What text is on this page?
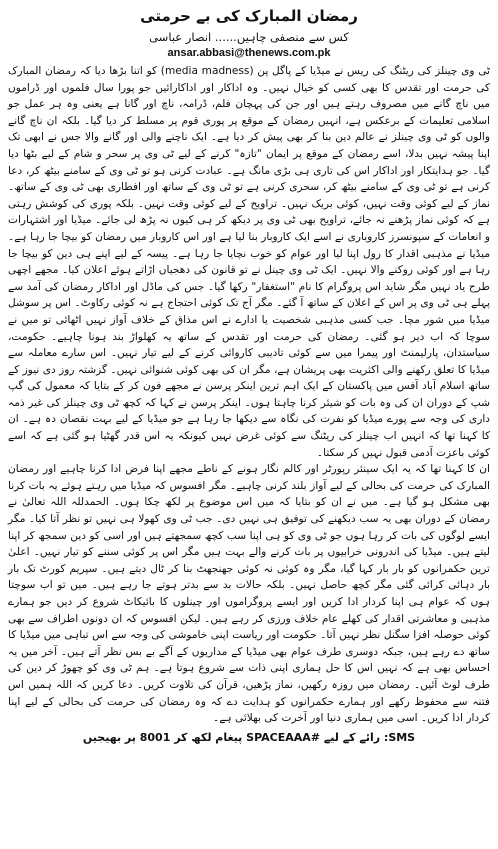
رمضان المبارک کی بے حرمتی
کس سے منصفی چاہیں...... انصار عباسی
ansar.abbasi@thenews.com.pk

ٹی وی چینلز کی ریٹنگ کی ریس نے میڈیا کے پاگل پن (media madness) کو اتنا بڑھا دیا کہ رمضان المبارک کی حرمت اور تقدس کا بھی کسی کو خیال نہیں۔ وہ اداکار اور اداکارائیں جو پورا سال فلموں اور ڈراموں میں ناچ گانے میں مصروف رہتے ہیں اور جن کی پہچان فلم، ڈرامہ، ناچ اور گانا ہے یعنی وہ ہر عمل جو اسلامی تعلیمات کے برعکس ہے، انہیں رمضان کے موقع پر پوری قوم پر مسلط کر دیا گیا۔ بلکہ ان ناچ گانے والوں کو ٹی وی چینلز نے عالم دین بنا کر بھی پیش کر دیا ہے۔ ایک ناچنے والی اور گانے والا جس نے ابھی تک اپنا پیشہ نہیں بدلا، اسے رمضان کے موقع پر ایمان "تازہ" کرنے کے لیے ٹی وی پر سحر و شام کے لیے بٹھا دیا گیا۔ جو ہدایتکار اور اداکار اس کی تاری ہی بڑی مانگ ہے۔ عبادت کرنی ہو تو ٹی وی کے سامنے بیٹھ کر، دعا کرنی ہے تو ٹی وی کے سامنے بیٹھ کر، سحری کرنی ہے تو ٹی وی کے ساتھ اور افطاری بھی ٹی وی کے ساتھ۔ نماز کے لیے کوئی وقت نہیں، کوئی بریک نہیں۔ تراویح کے لیے کوئی وقت نہیں۔ بلکہ پوری کی کوشش رہتی ہے کہ کوئی نماز پڑھنے نہ جائے، تراویح بھی ٹی وی پر دیکھ کر ہی کیوں نہ پڑھ لی جائے۔ میڈیا اور اشتہارات و انعامات کے سپونسرز کاروباری نے اسے ایک کاروبار بنا لیا ہے اور اس کاروبار میں رمضان کو بیچا جا رہا ہے۔ میڈیا نے مذہبی اقدار کا رول اپنا لیا اور عوام کو خوب نچایا جا رہا ہے۔ پیسہ کے لیے اپنے ہی دین کو بیچا جا رہا ہے اور کوئی روکنے والا نہیں۔ ایک ٹی وی چینل نے تو قانون کی دھجیاں اڑاتے ہوئے اعلان کیا۔ مجھے اچھی طرح یاد نہیں مگر شاید اس پروگرام کا نام "استغفار" رکھا گیا۔ جس کی ماڈل اور اداکار رمضان کی آمد سے پہلے ہی ٹی وی پر اس کے اعلان کے ساتھ آ گئے۔ مگر آج تک کوئی احتجاج ہے نہ کوئی رکاوٹ۔ اس پر سوشل میڈیا میں شور مچا۔ جب کسی مذہبی شخصیت یا ادارے نے اس مذاق کے خلاف آواز نہیں اٹھائی تو میں نے سوچا کہ اب دیر ہو گئی۔ رمضان کی حرمت اور تقدس کے ساتھ یہ کھلواڑ بند ہونا چاہیے۔ حکومت، سیاستدان، پارلیمنٹ اور پیمرا میں سے کوئی تادیبی کاروائی کرنے کے لیے تیار نہیں۔ اس سارے معاملہ سے میڈیا کا تعلق رکھنے والی اکثریت بھی پریشان ہے، مگر ان کی بھی کوئی شنوائی نہیں۔ گزشتہ روز دی نیوز کے ساتھ اسلام آباد آفس میں پاکستان کے ایک اہم ترین اینکر پرسن نے مجھے فون کر کے بتایا کہ معمول کی گپ شپ کے دوران ان کی وہ بات کو شیئر کرنا چاہتا ہوں۔ اینکر پرسن نے کہا کہ کچھ ٹی وی چینلز کی غیر ذمہ داری کی وجہ سے پورے میڈیا کو نفرت کی نگاہ سے دیکھا جا رہا ہے جو میڈیا کے لیے بہت نقصان دہ ہے۔ ان کا کہنا تھا کہ انہیں اب چینلز کی ریٹنگ سے کوئی غرض نہیں کیونکہ یہ اس قدر گھٹیا ہو گئی ہے کہ اسے کوئی باعزت آدمی قبول نہیں کر سکتا۔

ان کا کہنا تھا کہ یہ ایک سینئر رپورٹر اور کالم نگار ہونے کے ناطے مجھے اپنا فرض ادا کرنا چاہیے اور رمضان المبارک کی حرمت کی بحالی کے لیے آواز بلند کرنی چاہیے۔ مگر افسوس کہ میڈیا میں رہتے ہوئے یہ بات کرنا بھی مشکل ہو گیا ہے۔ میں نے ان کو بتایا کہ میں اس موضوع پر لکھ چکا ہوں۔ الحمدللہ اللہ تعالیٰ نے رمضان کے دوران بھی یہ سب دیکھنے کی توفیق ہی نہیں دی۔ جب ٹی وی کھولا ہی نہیں تو نظر آتا کیا۔ مگر ایسے لوگوں کی بات کر رہا ہوں جو ٹی وی کو ہی اپنا سب کچھ سمجھتے ہیں اور اسی کو دین سمجھ کر اپنا لیتے ہیں۔ میڈیا کی اندرونی خرابیوں پر بات کرنے والے بہت ہیں مگر اس پر کوئی سننے کو تیار نہیں۔ اعلیٰ ترین حکمرانوں کو بار بار کہا گیا، مگر وہ کوئی نہ کوئی جھنجھٹ بنا کر ٹال دیتے ہیں۔ سپریم کورٹ تک بار بار دہائی کرائی گئی مگر کچھ حاصل نہیں۔ بلکہ حالات بد سے بدتر ہوتے جا رہے ہیں۔ میں تو اب سوچتا ہوں کہ عوام ہی اپنا کردار ادا کریں اور ایسے پروگراموں اور چینلوں کا بائیکاٹ شروع کر دیں جو ہمارے مذہبی و معاشرتی اقدار کی کھلے عام خلاف ورزی کر رہے ہیں۔ لیکن افسوس کہ ان دونوں اطراف سے بھی کوئی حوصلہ افزا سگنل نظر نہیں آتا۔ حکومت اور ریاست اپنی خاموشی کی وجہ سے اس تباہی میں میڈیا کا ساتھ دے رہے ہیں، جبکہ دوسری طرف عوام بھی میڈیا کے مداریوں کے آگے بے بس نظر آتے ہیں۔ آخر میں یہ احساس بھی ہے کہ نہیں اس کا حل ہماری اپنی ذات سے شروع ہوتا ہے۔ ہم ٹی وی کو چھوڑ کر دین کی طرف لوٹ آئیں۔ رمضان میں روزہ رکھیں، نماز پڑھیں، قرآن کی تلاوت کریں۔ دعا کریں کہ اللہ ہمیں اس فتنہ سے محفوظ رکھے اور ہمارے حکمرانوں کو ہدایت دے کہ وہ رمضان کی حرمت کی بحالی کے لیے اپنا کردار ادا کریں۔ اسی میں ہماری دنیا اور آخرت کی بھلائی ہے۔

SMS: رائے کے لیے #SPACEAAA پیغام لکھ کر 8001 پر بھیجیں
